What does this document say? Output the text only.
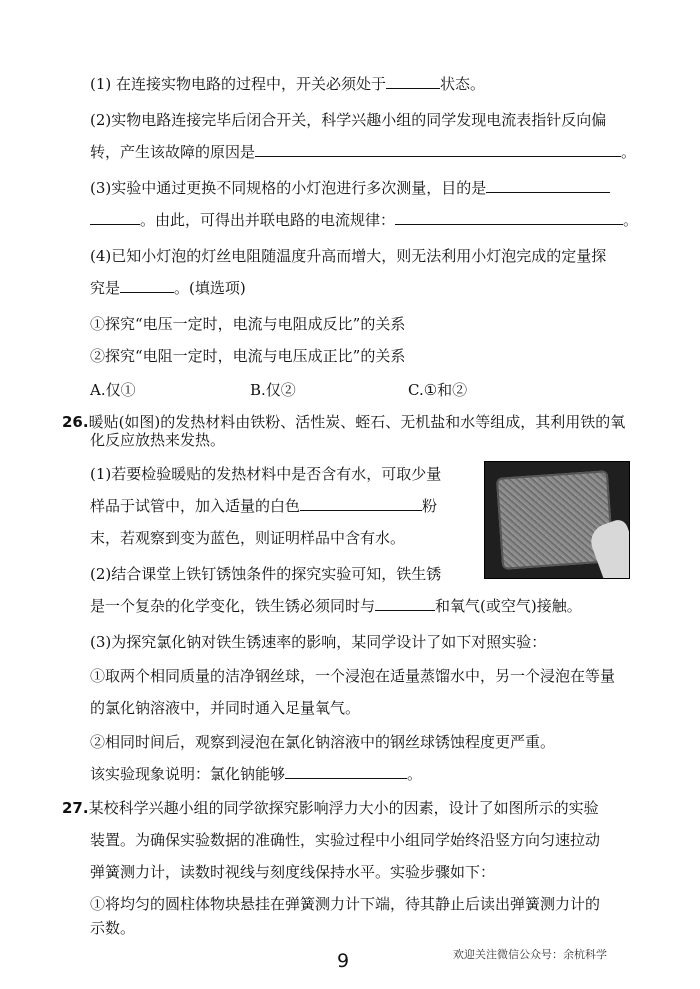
(1) 在连接实物电路的过程中，开关必须处于	状态。
(2)实物电路连接完毕后闭合开关，科学兴趣小组的同学发现电流表指针反向偏
转，产生该故障的原因是	。
(3)实验中通过更换不同规格的小灯泡进行多次测量，目的是
。由此，可得出并联电路的电流规律：	。
(4)已知小灯泡的灯丝电阻随温度升高而增大，则无法利用小灯泡完成的定量探
究是	。(填选项)
①探究“电压一定时，电流与电阻成反比”的关系
②探究“电阻一定时，电流与电压成正比”的关系
A.仅①	B.仅②	C.①和②
26.暖贴(如图)的发热材料由铁粉、活性炭、蛭石、无机盐和水等组成，其利用铁的氧
化反应放热来发热。
(1)若要检验暖贴的发热材料中是否含有水，可取少量
样品于试管中，加入适量的白色	粉
末，若观察到变为蓝色，则证明样品中含有水。
(2)结合课堂上铁钉锈蚀条件的探究实验可知，铁生锈
是一个复杂的化学变化，铁生锈必须同时与	和氧气(或空气)接触。
(3)为探究氯化钠对铁生锈速率的影响，某同学设计了如下对照实验：
①取两个相同质量的洁净钢丝球，一个浸泡在适量蒸馏水中，另一个浸泡在等量
的氯化钠溶液中，并同时通入足量氧气。
②相同时间后，观察到浸泡在氯化钠溶液中的钢丝球锈蚀程度更严重。
该实验现象说明：氯化钠能够	。
27.某校科学兴趣小组的同学欲探究影响浮力大小的因素，设计了如图所示的实验
装置。为确保实验数据的准确性，实验过程中小组同学始终沿竖方向匀速拉动
弹簧测力计，读数时视线与刻度线保持水平。实验步骤如下：
①将均匀的圆柱体物块悬挂在弹簧测力计下端，待其静止后读出弹簧测力计的
示数。
9	欢迎关注微信公众号：余杭科学
